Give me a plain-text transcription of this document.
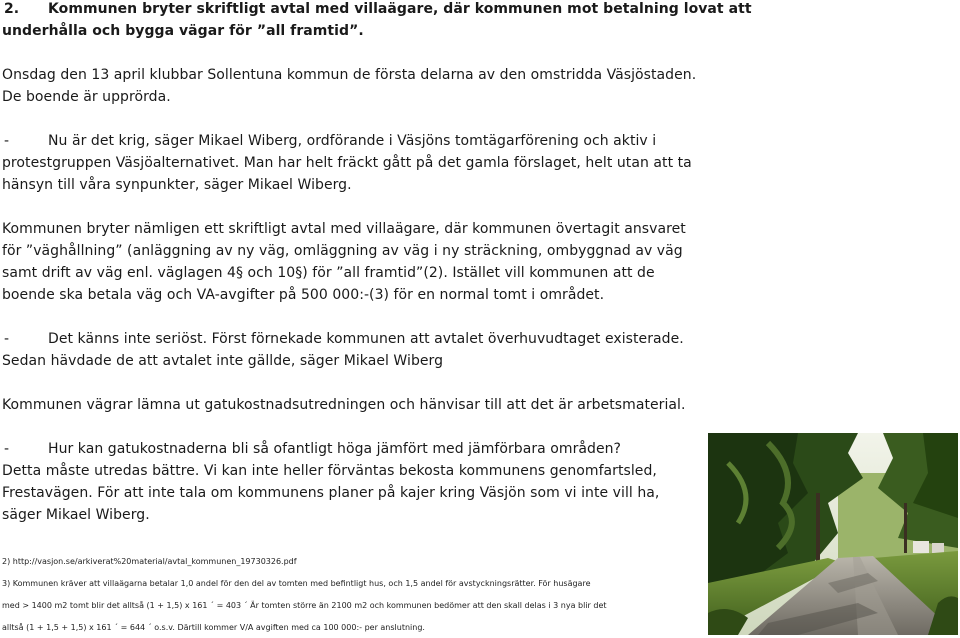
2. Kommunen bryter skriftligt avtal med villaägare, där kommunen mot betalning lovat att
underhålla och bygga vägar för ”all framtid”.
Onsdag den 13 april klubbar Sollentuna kommun de första delarna av den omstridda Väsjöstaden.
De boende är upprörda.
-	Nu är det krig, säger Mikael Wiberg, ordförande i Väsjöns tomtägarförening och aktiv i
protestgruppen Väsjöalternativet. Man har helt fräckt gått på det gamla förslaget, helt utan att ta
hänsyn till våra synpunkter, säger Mikael Wiberg.
Kommunen bryter nämligen ett skriftligt avtal med villaägare, där kommunen övertagit ansvaret
för ”väghållning” (anläggning av ny väg, omläggning av väg i ny sträckning, ombyggnad av väg
samt drift av väg enl. väglagen 4§ och 10§) för ”all framtid”(2). Istället vill kommunen att de
boende ska betala väg och VA-avgifter på 500 000:-(3) för en normal tomt i området.
-	Det känns inte seriöst. Först förnekade kommunen att avtalet överhuvudtaget existerade.
Sedan hävdade de att avtalet inte gällde, säger Mikael Wiberg
Kommunen vägrar lämna ut gatukostnadsutredningen och hänvisar till att det är arbetsmaterial.
-	Hur kan gatukostnaderna bli så ofantligt höga jämfört med jämförbara områden?
Detta måste utredas bättre. Vi kan inte heller förväntas bekosta kommunens genomfartsled,
Frestavägen. För att inte tala om kommunens planer på kajer kring Väsjön som vi inte vill ha,
säger Mikael Wiberg.
2) http://vasjon.se/arkiverat%20material/avtal_kommunen_19730326.pdf
3) Kommunen kräver att villaägarna betalar 1,0 andel för den del av tomten med befintligt hus, och 1,5 andel för avstyckningsrätter. För husägare
med > 1400 m2 tomt blir det alltså (1 + 1,5) x 161 ´ = 403 ´ Är tomten större än 2100 m2 och kommunen bedömer att den skall delas i 3 nya blir det
alltså (1 + 1,5 + 1,5) x 161 ´ = 644 ´ o.s.v. Därtill kommer V/A avgiften med ca 100 000:- per anslutning.
